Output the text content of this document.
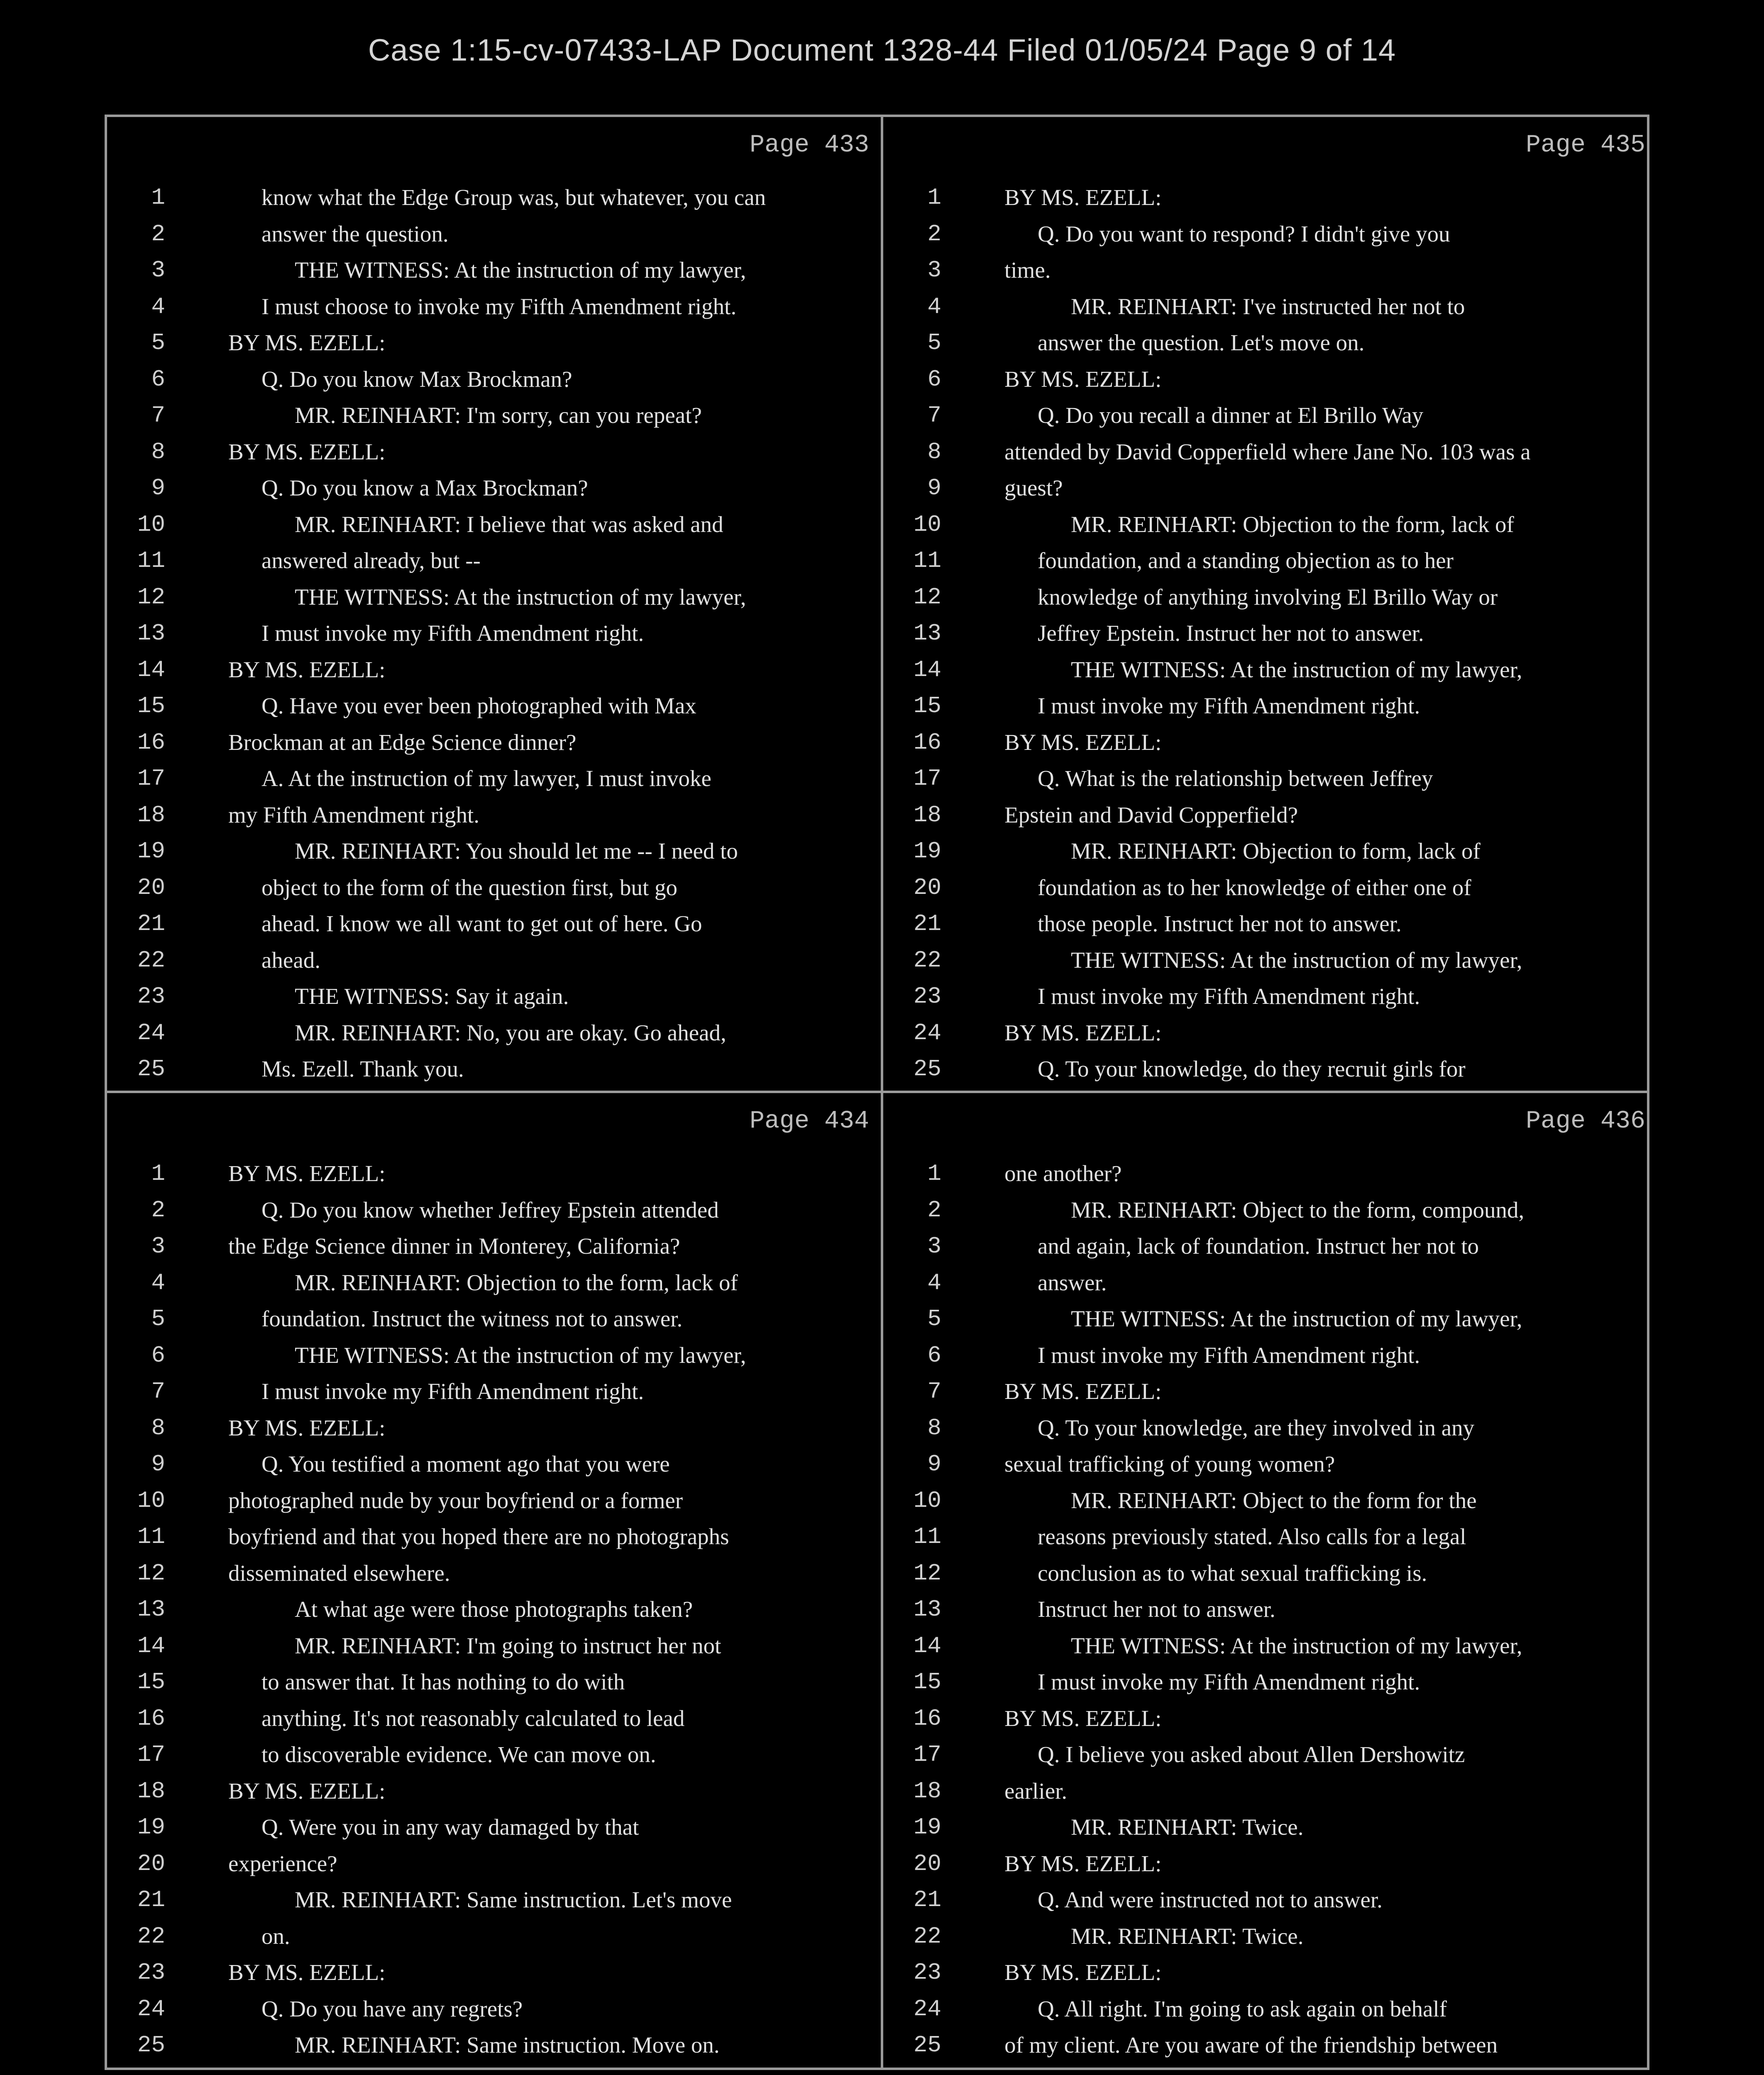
Case 1:15-cv-07433-LAP Document 1328-44 Filed 01/05/24 Page 9 of 14
Page 433
1	know what the Edge Group was, but whatever, you can
2	answer the question.
3	THE WITNESS: At the instruction of my lawyer,
4	I must choose to invoke my Fifth Amendment right.
5	BY MS. EZELL:
6	Q. Do you know Max Brockman?
7	MR. REINHART: I'm sorry, can you repeat?
8	BY MS. EZELL:
9	Q. Do you know a Max Brockman?
10	MR. REINHART: I believe that was asked and
11	answered already, but --
12	THE WITNESS: At the instruction of my lawyer,
13	I must invoke my Fifth Amendment right.
14	BY MS. EZELL:
15	Q. Have you ever been photographed with Max
16	Brockman at an Edge Science dinner?
17	A. At the instruction of my lawyer, I must invoke
18	my Fifth Amendment right.
19	MR. REINHART: You should let me -- I need to
20	object to the form of the question first, but go
21	ahead. I know we all want to get out of here. Go
22	ahead.
23	THE WITNESS: Say it again.
24	MR. REINHART: No, you are okay. Go ahead,
25	Ms. Ezell. Thank you.
Page 435
1	BY MS. EZELL:
2	Q. Do you want to respond? I didn't give you
3	time.
4	MR. REINHART: I've instructed her not to
5	answer the question. Let's move on.
6	BY MS. EZELL:
7	Q. Do you recall a dinner at El Brillo Way
8	attended by David Copperfield where Jane No. 103 was a
9	guest?
10	MR. REINHART: Objection to the form, lack of
11	foundation, and a standing objection as to her
12	knowledge of anything involving El Brillo Way or
13	Jeffrey Epstein. Instruct her not to answer.
14	THE WITNESS: At the instruction of my lawyer,
15	I must invoke my Fifth Amendment right.
16	BY MS. EZELL:
17	Q. What is the relationship between Jeffrey
18	Epstein and David Copperfield?
19	MR. REINHART: Objection to form, lack of
20	foundation as to her knowledge of either one of
21	those people. Instruct her not to answer.
22	THE WITNESS: At the instruction of my lawyer,
23	I must invoke my Fifth Amendment right.
24	BY MS. EZELL:
25	Q. To your knowledge, do they recruit girls for
Page 434
1	BY MS. EZELL:
2	Q. Do you know whether Jeffrey Epstein attended
3	the Edge Science dinner in Monterey, California?
4	MR. REINHART: Objection to the form, lack of
5	foundation. Instruct the witness not to answer.
6	THE WITNESS: At the instruction of my lawyer,
7	I must invoke my Fifth Amendment right.
8	BY MS. EZELL:
9	Q. You testified a moment ago that you were
10	photographed nude by your boyfriend or a former
11	boyfriend and that you hoped there are no photographs
12	disseminated elsewhere.
13	At what age were those photographs taken?
14	MR. REINHART: I'm going to instruct her not
15	to answer that. It has nothing to do with
16	anything. It's not reasonably calculated to lead
17	to discoverable evidence. We can move on.
18	BY MS. EZELL:
19	Q. Were you in any way damaged by that
20	experience?
21	MR. REINHART: Same instruction. Let's move
22	on.
23	BY MS. EZELL:
24	Q. Do you have any regrets?
25	MR. REINHART: Same instruction. Move on.
Page 436
1	one another?
2	MR. REINHART: Object to the form, compound,
3	and again, lack of foundation. Instruct her not to
4	answer.
5	THE WITNESS: At the instruction of my lawyer,
6	I must invoke my Fifth Amendment right.
7	BY MS. EZELL:
8	Q. To your knowledge, are they involved in any
9	sexual trafficking of young women?
10	MR. REINHART: Object to the form for the
11	reasons previously stated. Also calls for a legal
12	conclusion as to what sexual trafficking is.
13	Instruct her not to answer.
14	THE WITNESS: At the instruction of my lawyer,
15	I must invoke my Fifth Amendment right.
16	BY MS. EZELL:
17	Q. I believe you asked about Allen Dershowitz
18	earlier.
19	MR. REINHART: Twice.
20	BY MS. EZELL:
21	Q. And were instructed not to answer.
22	MR. REINHART: Twice.
23	BY MS. EZELL:
24	Q. All right. I'm going to ask again on behalf
25	of my client. Are you aware of the friendship between
